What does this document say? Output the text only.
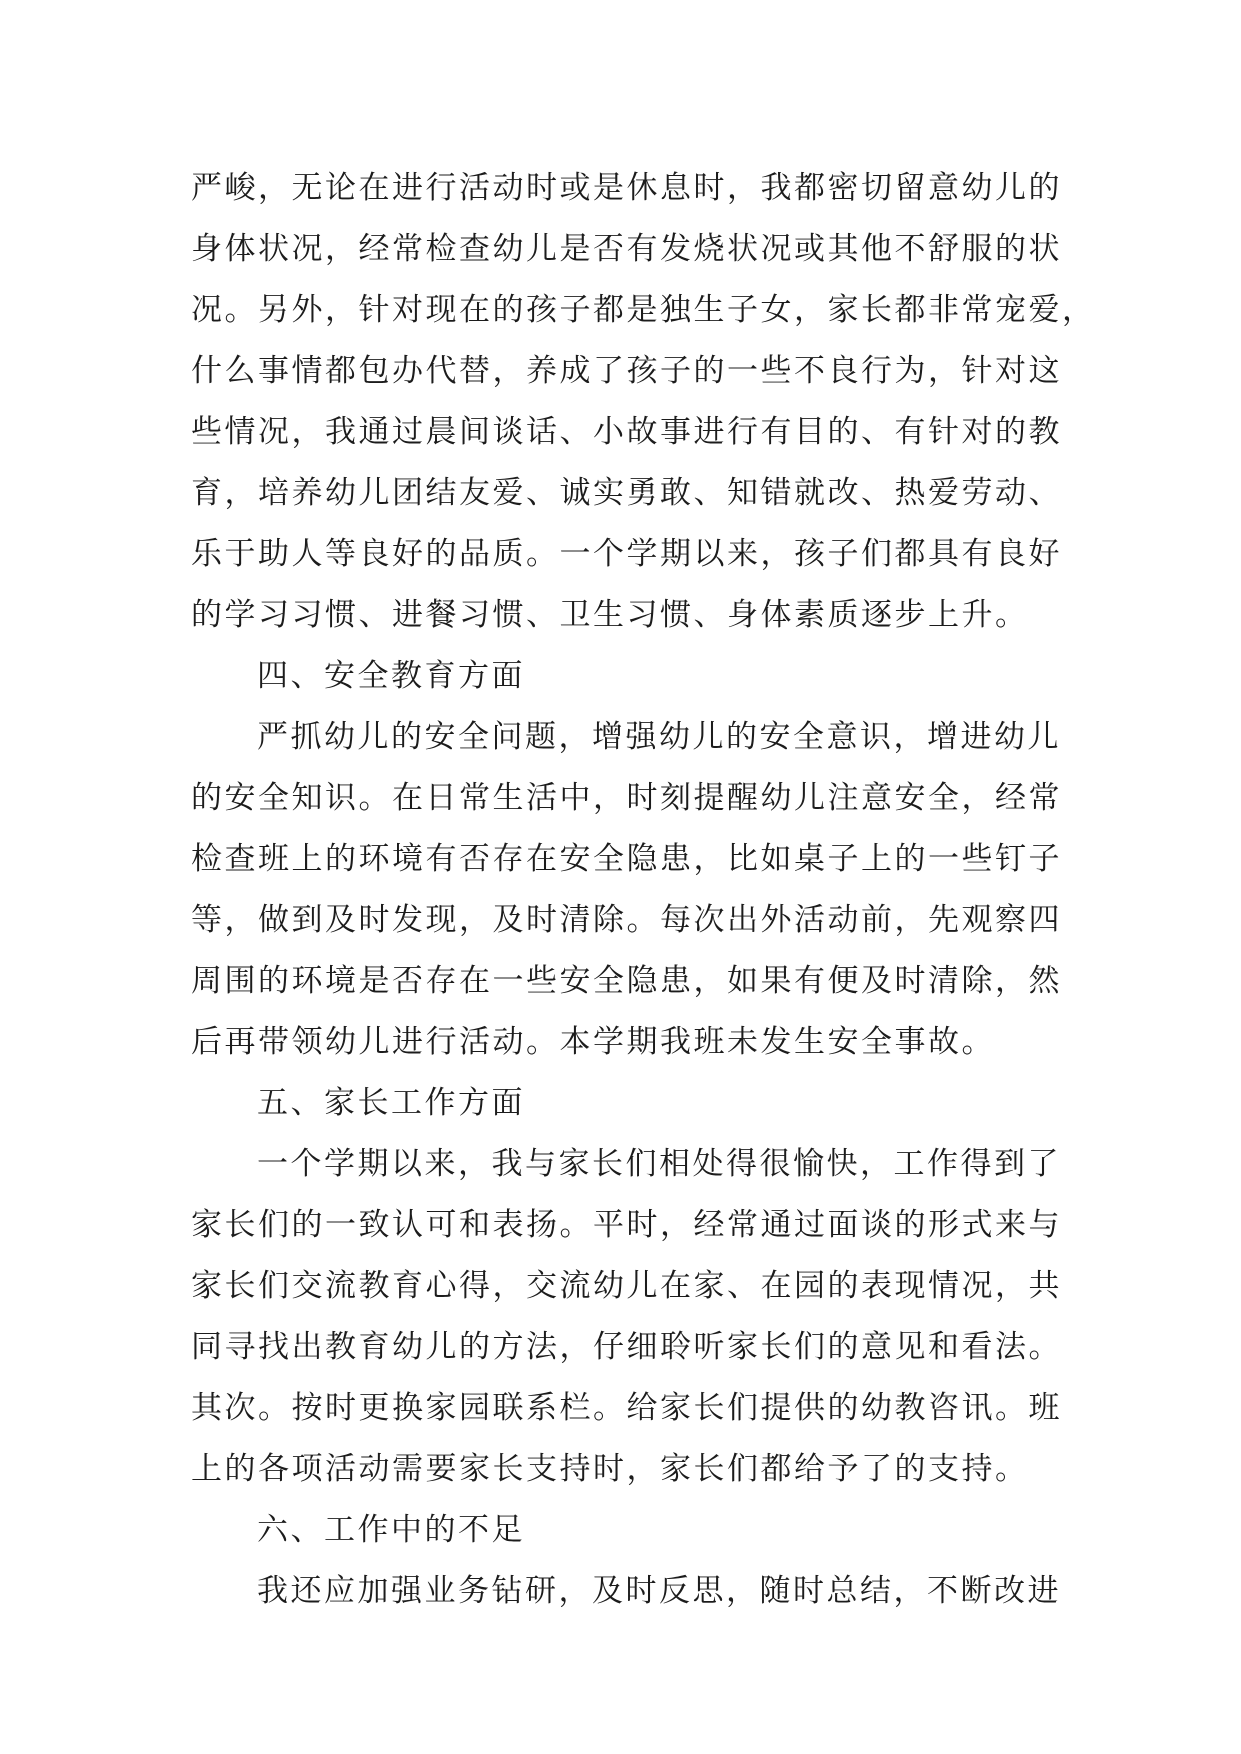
严峻，无论在进行活动时或是休息时，我都密切留意幼儿的
身体状况，经常检查幼儿是否有发烧状况或其他不舒服的状
况。另外，针对现在的孩子都是独生子女，家长都非常宠爱，
什么事情都包办代替，养成了孩子的一些不良行为，针对这
些情况，我通过晨间谈话、小故事进行有目的、有针对的教
育，培养幼儿团结友爱、诚实勇敢、知错就改、热爱劳动、
乐于助人等良好的品质。一个学期以来，孩子们都具有良好
的学习习惯、进餐习惯、卫生习惯、身体素质逐步上升。
四、安全教育方面
严抓幼儿的安全问题，增强幼儿的安全意识，增进幼儿
的安全知识。在日常生活中，时刻提醒幼儿注意安全，经常
检查班上的环境有否存在安全隐患，比如桌子上的一些钉子
等，做到及时发现，及时清除。每次出外活动前，先观察四
周围的环境是否存在一些安全隐患，如果有便及时清除，然
后再带领幼儿进行活动。本学期我班未发生安全事故。
五、家长工作方面
一个学期以来，我与家长们相处得很愉快，工作得到了
家长们的一致认可和表扬。平时，经常通过面谈的形式来与
家长们交流教育心得，交流幼儿在家、在园的表现情况，共
同寻找出教育幼儿的方法，仔细聆听家长们的意见和看法。
其次。按时更换家园联系栏。给家长们提供的幼教咨讯。班
上的各项活动需要家长支持时，家长们都给予了的支持。
六、工作中的不足
我还应加强业务钻研，及时反思，随时总结，不断改进
